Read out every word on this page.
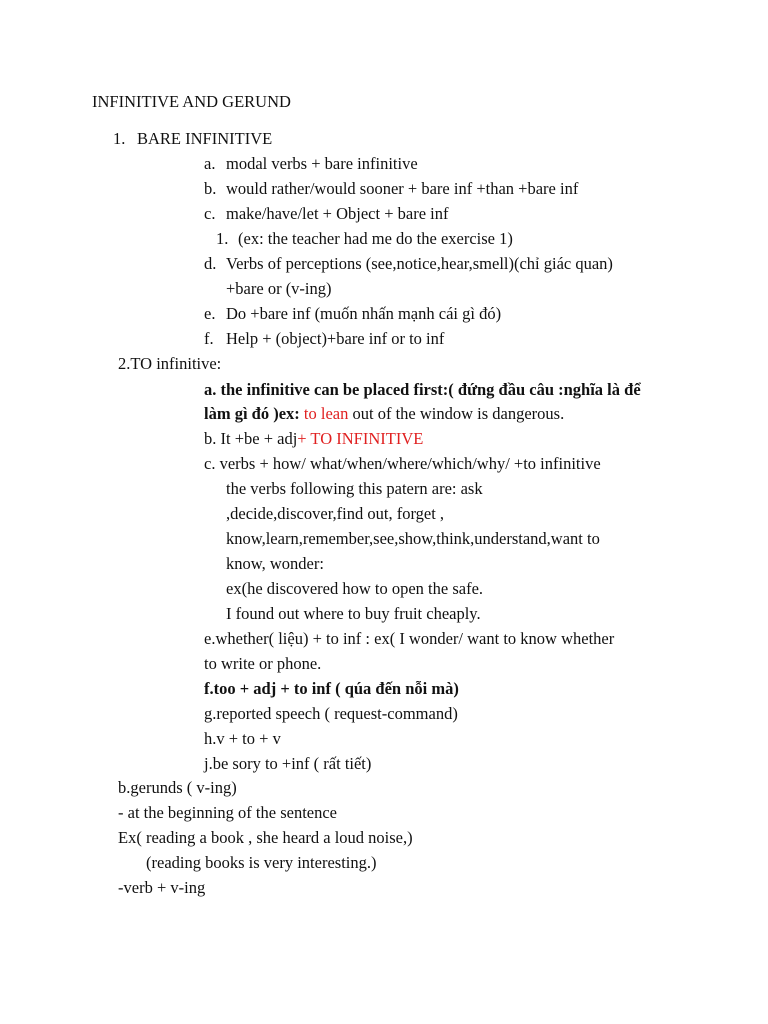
INFINITIVE AND GERUND
1. BARE INFINITIVE
a. modal verbs + bare infinitive
b. would rather/would sooner + bare inf +than +bare inf
c. make/have/let + Object + bare inf
1. (ex: the teacher had me do the exercise 1)
d. Verbs of perceptions (see,notice,hear,smell)(chỉ giác quan)
+bare or (v-ing)
e. Do +bare inf (muốn nhấn mạnh cái gì đó)
f. Help + (object)+bare inf or to inf
2.TO infinitive:
a. the infinitive can be placed first:( đứng đầu câu :nghĩa là để
làm gì đó )ex: to lean out of the window is dangerous.
b. It +be + adj+ TO INFINITIVE
c. verbs + how/ what/when/where/which/why/ +to infinitive
the verbs following this patern are: ask
,decide,discover,find out, forget ,
know,learn,remember,see,show,think,understand,want to
know, wonder:
ex(he discovered how to open the safe.
I found out where to buy fruit cheaply.
e.whether( liệu) + to inf : ex( I wonder/ want to know whether
to write or phone.
f.too + adj + to inf ( qúa đến nỗi mà)
g.reported speech ( request-command)
h.v + to + v
j.be sory to +inf ( rất tiết)
b.gerunds ( v-ing)
- at the beginning of the sentence
Ex( reading a book , she heard a loud noise,)
(reading books is very interesting.)
-verb + v-ing
